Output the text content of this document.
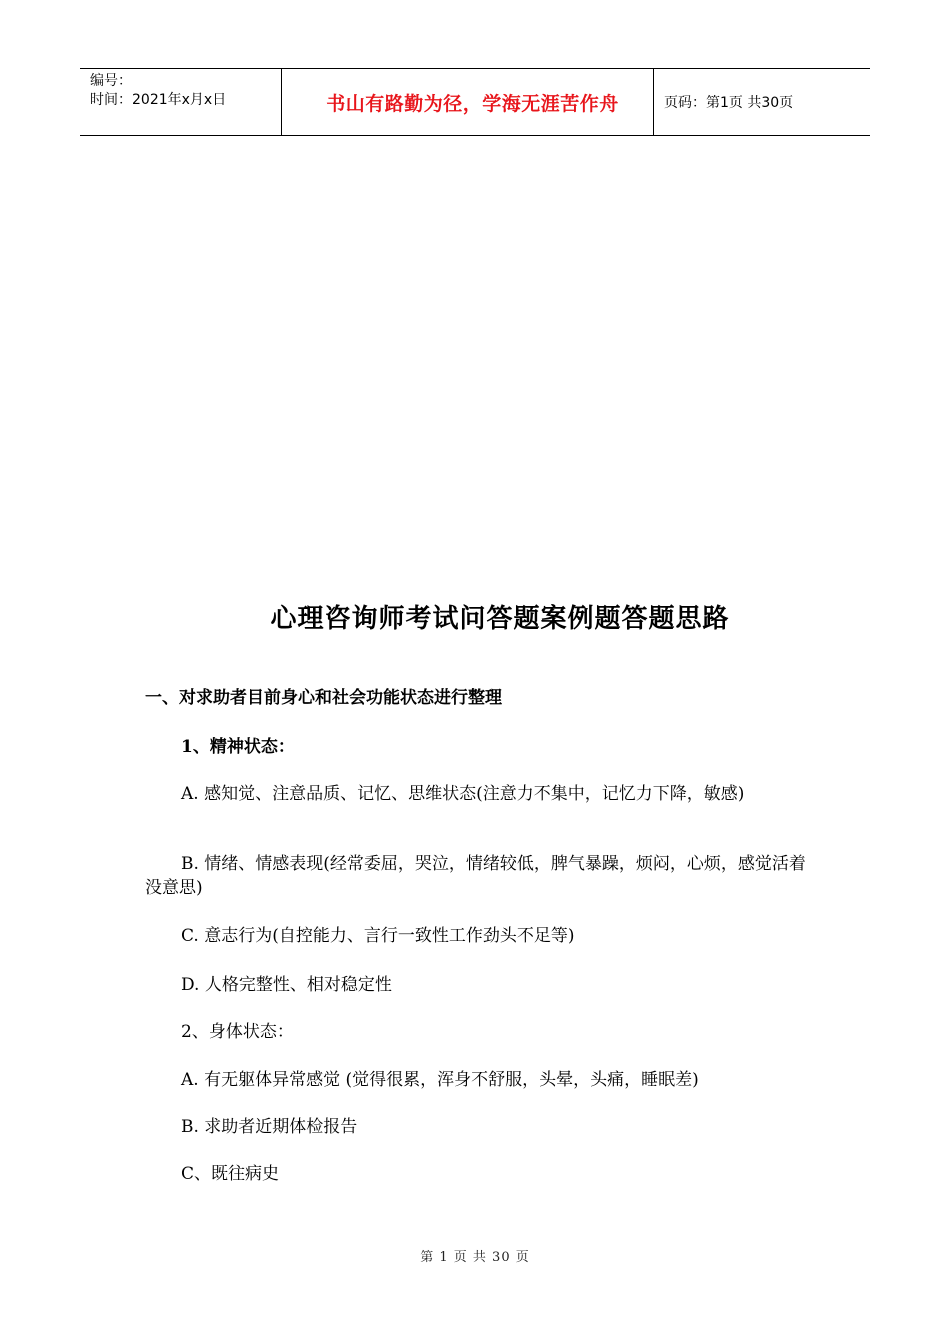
编号：
时间：2021年x月x日	书山有路勤为径，学海无涯苦作舟	页码：第1页 共30页
心理咨询师考试问答题案例题答题思路

一、对求助者目前身心和社会功能状态进行整理

1、精神状态：

A. 感知觉、注意品质、记忆、思维状态(注意力不集中，记忆力下降，敏感)

B. 情绪、情感表现(经常委屈，哭泣，情绪较低，脾气暴躁，烦闷，心烦，感觉活着没意思)

C. 意志行为(自控能力、言行一致性工作劲头不足等)

D. 人格完整性、相对稳定性

2、身体状态：

A. 有无躯体异常感觉 (觉得很累，浑身不舒服，头晕，头痛，睡眠差)

B. 求助者近期体检报告

C、既往病史

第 1 页 共 30 页
